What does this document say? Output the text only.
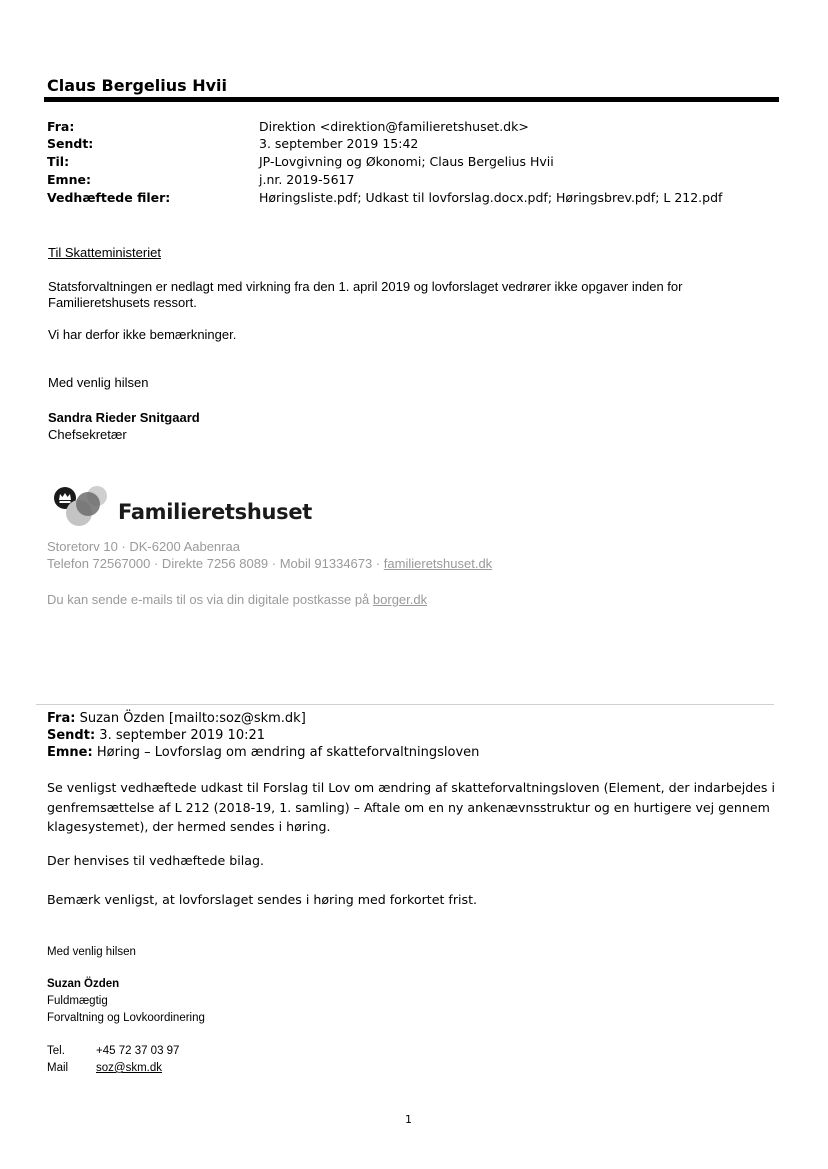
Claus Bergelius Hvii
Fra:	Direktion <direktion@familieretshuset.dk>
Sendt:	3. september 2019 15:42
Til:	JP-Lovgivning og Økonomi; Claus Bergelius Hvii
Emne:	j.nr. 2019-5617
Vedhæftede filer:	Høringsliste.pdf; Udkast til lovforslag.docx.pdf; Høringsbrev.pdf; L 212.pdf
Til Skatteministeriet
Statsforvaltningen er nedlagt med virkning fra den 1. april 2019 og lovforslaget vedrører ikke opgaver inden for
Familieretshusets ressort.
Vi har derfor ikke bemærkninger.
Med venlig hilsen
Sandra Rieder Snitgaard
Chefsekretær
Familieretshuset
Storetorv 10 · DK-6200 Aabenraa
Telefon 72567000 · Direkte 7256 8089 · Mobil 91334673 · familieretshuset.dk
Du kan sende e-mails til os via din digitale postkasse på borger.dk
Fra: Suzan Özden [mailto:soz@skm.dk]
Sendt: 3. september 2019 10:21
Emne: Høring – Lovforslag om ændring af skatteforvaltningsloven
Se venligst vedhæftede udkast til Forslag til Lov om ændring af skatteforvaltningsloven (Element, der indarbejdes i genfremsættelse af L 212 (2018-19, 1. samling) – Aftale om en ny ankenævnsstruktur og en hurtigere vej gennem klagesystemet), der hermed sendes i høring.
Der henvises til vedhæftede bilag.
Bemærk venligst, at lovforslaget sendes i høring med forkortet frist.
Med venlig hilsen
Suzan Özden
Fuldmægtig
Forvaltning og Lovkoordinering
Tel.	+45 72 37 03 97
Mail soz@skm.dk
1
